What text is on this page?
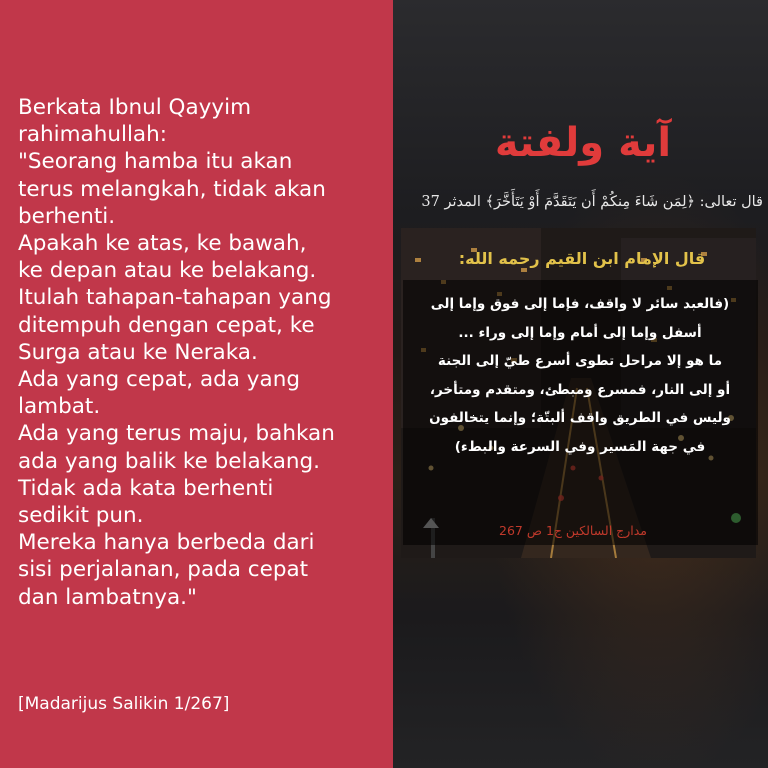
Berkata Ibnul Qayyim
rahimahullah:
"Seorang hamba itu akan
terus melangkah, tidak akan
berhenti.
Apakah ke atas, ke bawah,
ke depan atau ke belakang.
Itulah tahapan-tahapan yang
ditempuh dengan cepat, ke
Surga atau ke Neraka.
Ada yang cepat, ada yang
lambat.
Ada yang terus maju, bahkan
ada yang balik ke belakang.
Tidak ada kata berhenti
sedikit pun.
Mereka hanya berbeda dari
sisi perjalanan, pada cepat
dan lambatnya."
[Madarijus Salikin 1/267]
آية ولفتة
قال تعالى: ﴿لِمَن شَاءَ مِنكُمْ أَن يَتَقَدَّمَ أَوْ يَتَأَخَّرَ﴾ المدثر 37
قال الإمام ابن القيم رحمه الله:
(فالعبد سائر لا واقف، فإما إلى فوق وإما إلى
أسفل وإما إلى أمام وإما إلى وراء ...
ما هو إلا مراحل تطوى أسرع طيّ إلى الجنة
أو إلى النار، فمسرع ومبطئ، ومتقدم ومتأخر،
وليس في الطريق واقف ألبتّة؛ وإنما يتخالفون
في جهة المَسير وفي السرعة والبطء)
مدارج السالكين ج1 ص 267
